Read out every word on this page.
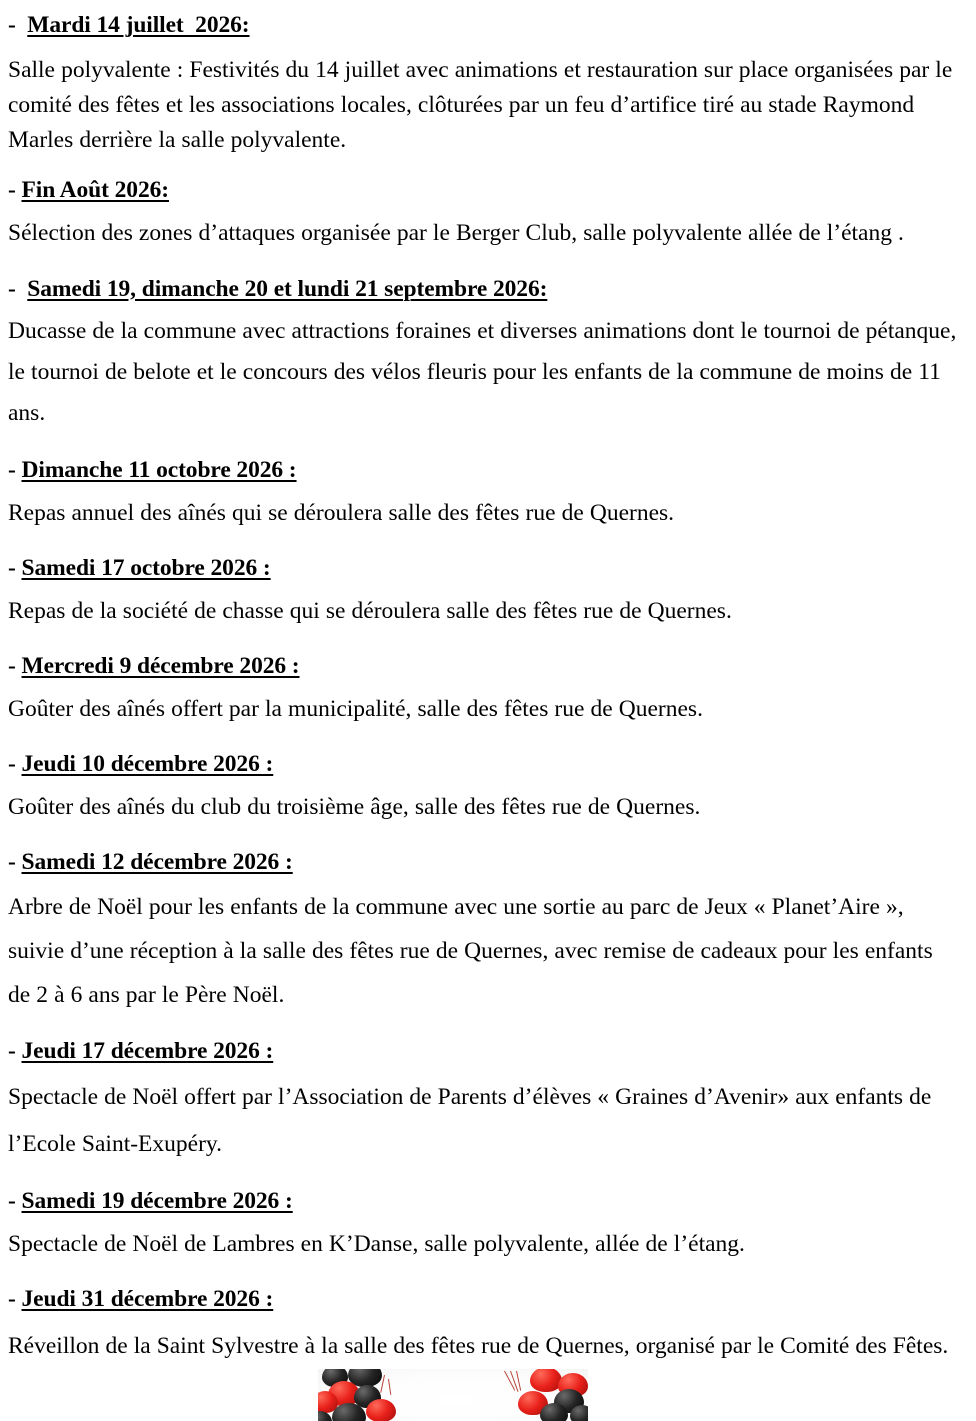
-  Mardi 14 juillet  2026:
Salle polyvalente : Festivités du 14 juillet avec animations et restauration sur place organisées par le comité des fêtes et les associations locales, clôturées par un feu d’artifice tiré au stade Raymond Marles derrière la salle polyvalente.
- Fin Août 2026:
Sélection des zones d’attaques organisée par le Berger Club, salle polyvalente allée de l’étang .
-  Samedi 19, dimanche 20 et lundi 21 septembre 2026:
Ducasse de la commune avec attractions foraines et diverses animations dont le tournoi de pétanque, le tournoi de belote et le concours des vélos fleuris pour les enfants de la commune de moins de 11 ans.
- Dimanche 11 octobre 2026 :
Repas annuel des aînés qui se déroulera salle des fêtes rue de Quernes.
- Samedi 17 octobre 2026 :
Repas de la société de chasse qui se déroulera salle des fêtes rue de Quernes.
- Mercredi 9 décembre 2026 :
Goûter des aînés offert par la municipalité, salle des fêtes rue de Quernes.
- Jeudi 10 décembre 2026 :
Goûter des aînés du club du troisième âge, salle des fêtes rue de Quernes.
- Samedi 12 décembre 2026 :
Arbre de Noël pour les enfants de la commune avec une sortie au parc de Jeux « Planet’Aire », suivie d’une réception à la salle des fêtes rue de Quernes, avec remise de cadeaux pour les enfants de 2 à 6 ans par le Père Noël.
- Jeudi 17 décembre 2026 :
Spectacle de Noël offert par l’Association de Parents d’élèves « Graines d’Avenir» aux enfants de l’Ecole Saint-Exupéry.
- Samedi 19 décembre 2026 :
Spectacle de Noël de Lambres en K’Danse, salle polyvalente, allée de l’étang.
- Jeudi 31 décembre 2026 :
Réveillon de la Saint Sylvestre à la salle des fêtes rue de Quernes, organisé par le Comité des Fêtes.
